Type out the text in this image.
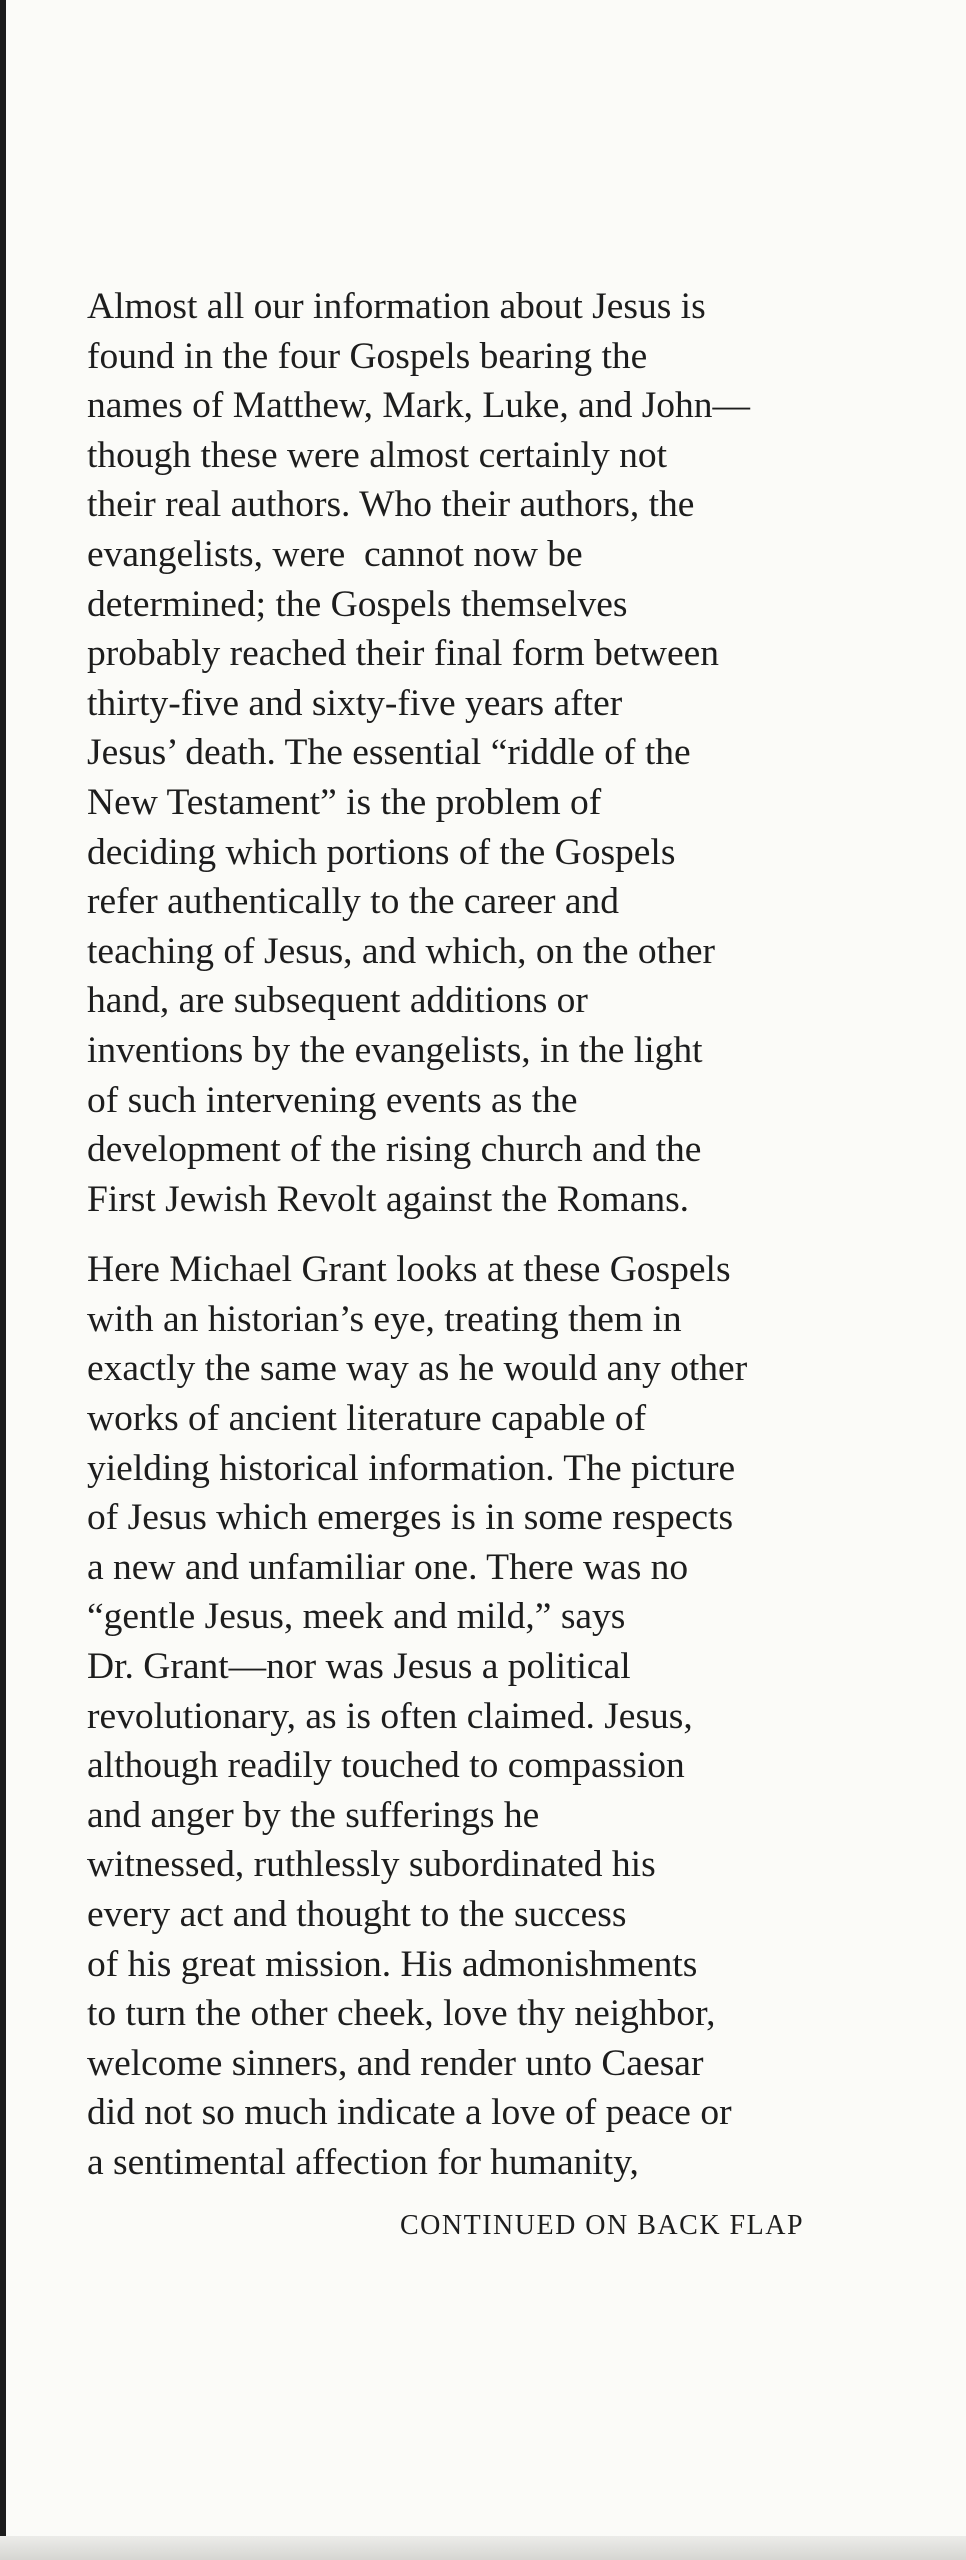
Almost all our information about Jesus is
found in the four Gospels bearing the
names of Matthew, Mark, Luke, and John—
though these were almost certainly not
their real authors. Who their authors, the
evangelists, were  cannot now be
determined; the Gospels themselves
probably reached their final form between
thirty-five and sixty-five years after
Jesus’ death. The essential “riddle of the
New Testament” is the problem of
deciding which portions of the Gospels
refer authentically to the career and
teaching of Jesus, and which, on the other
hand, are subsequent additions or
inventions by the evangelists, in the light
of such intervening events as the
development of the rising church and the
First Jewish Revolt against the Romans.

Here Michael Grant looks at these Gospels
with an historian’s eye, treating them in
exactly the same way as he would any other
works of ancient literature capable of
yielding historical information. The picture
of Jesus which emerges is in some respects
a new and unfamiliar one. There was no
“gentle Jesus, meek and mild,” says
Dr. Grant—nor was Jesus a political
revolutionary, as is often claimed. Jesus,
although readily touched to compassion
and anger by the sufferings he
witnessed, ruthlessly subordinated his
every act and thought to the success
of his great mission. His admonishments
to turn the other cheek, love thy neighbor,
welcome sinners, and render unto Caesar
did not so much indicate a love of peace or
a sentimental affection for humanity,

CONTINUED ON BACK FLAP
